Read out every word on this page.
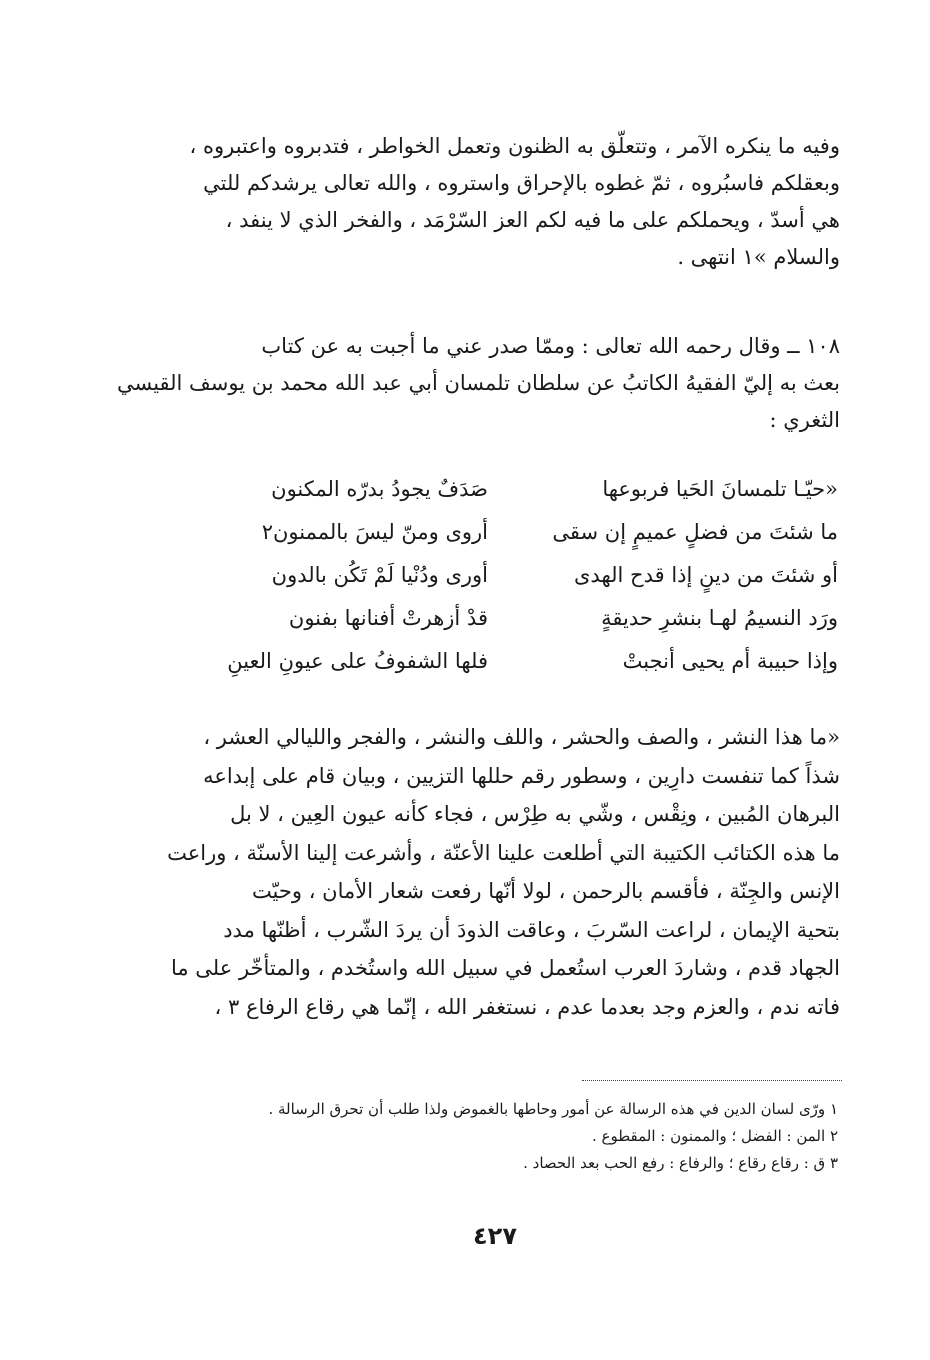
وفيه ما ينكره الآمر ، وتتعلّق به الظنون وتعمل الخواطر ، فتدبروه واعتبروه ،
وبعقلكم فاسبُروه ، ثمّ غطوه بالإحراق واستروه ، والله تعالى يرشدكم للتي
هي أسدّ ، ويحملكم على ما فيه لكم العز السّرْمَد ، والفخر الذي لا ينفد ،
والسلام »١ انتهى .
١٠٨ ــ وقال رحمه الله تعالى : وممّا صدر عني ما أجبت به عن كتاب
بعث به إليّ الفقيهُ الكاتبُ عن سلطان تلمسان أبي عبد الله محمد بن يوسف القيسي
الثغري :
«حيّـا تلمسانَ الحَيا فربوعها
صَدَفٌ يجودُ بدرّه المكنون
ما شئتَ من فضلٍ عميمٍ إن سقى
أروى ومنّ ليسَ بالممنون٢
أو شئتَ من دينٍ إذا قدح الهدى
أورى ودُنْيا لَمْ تَكُن بالدون
ورَد النسيمُ لهـا بنشرِ حديقةٍ
قدْ أزهرتْ أفنانها بفنون
وإذا حبيبة أم يحيى أنجبتْ
فلها الشفوفُ على عيونِ العينِ
«ما هذا النشر ، والصف والحشر ، واللف والنشر ، والفجر والليالي العشر ،
شذاً كما تنفست دارِين ، وسطور رقم حللها التزيين ، وبيان قام على إبداعه
البرهان المُبين ، ونِقْس ، وشّي به طِرْس ، فجاء كأنه عيون العِين ، لا بل
ما هذه الكتائب الكتيبة التي أطلعت علينا الأعنّة ، وأشرعت إلينا الأسنّة ، وراعت
الإنس والجِنّة ، فأقسم بالرحمن ، لولا أنّها رفعت شعار الأمان ، وحيّت
بتحية الإيمان ، لراعت السّربَ ، وعاقت الذودَ أن يردَ الشّرب ، أظنّها مدد
الجهاد قدم ، وشاردَ العرب استُعمل في سبيل الله واستُخدم ، والمتأخّر على ما
فاته ندم ، والعزم وجد بعدما عدم ، نستغفر الله ، إنّما هي رقاع الرفاع ٣ ،
١ ورّى لسان الدين في هذه الرسالة عن أمور وحاطها بالغموض ولذا طلب أن تحرق الرسالة .
٢ المن : الفضل ؛ والممنون : المقطوع .
٣ ق : رقاع رقاع ؛ والرفاع : رفع الحب بعد الحصاد .
٤٢٧
